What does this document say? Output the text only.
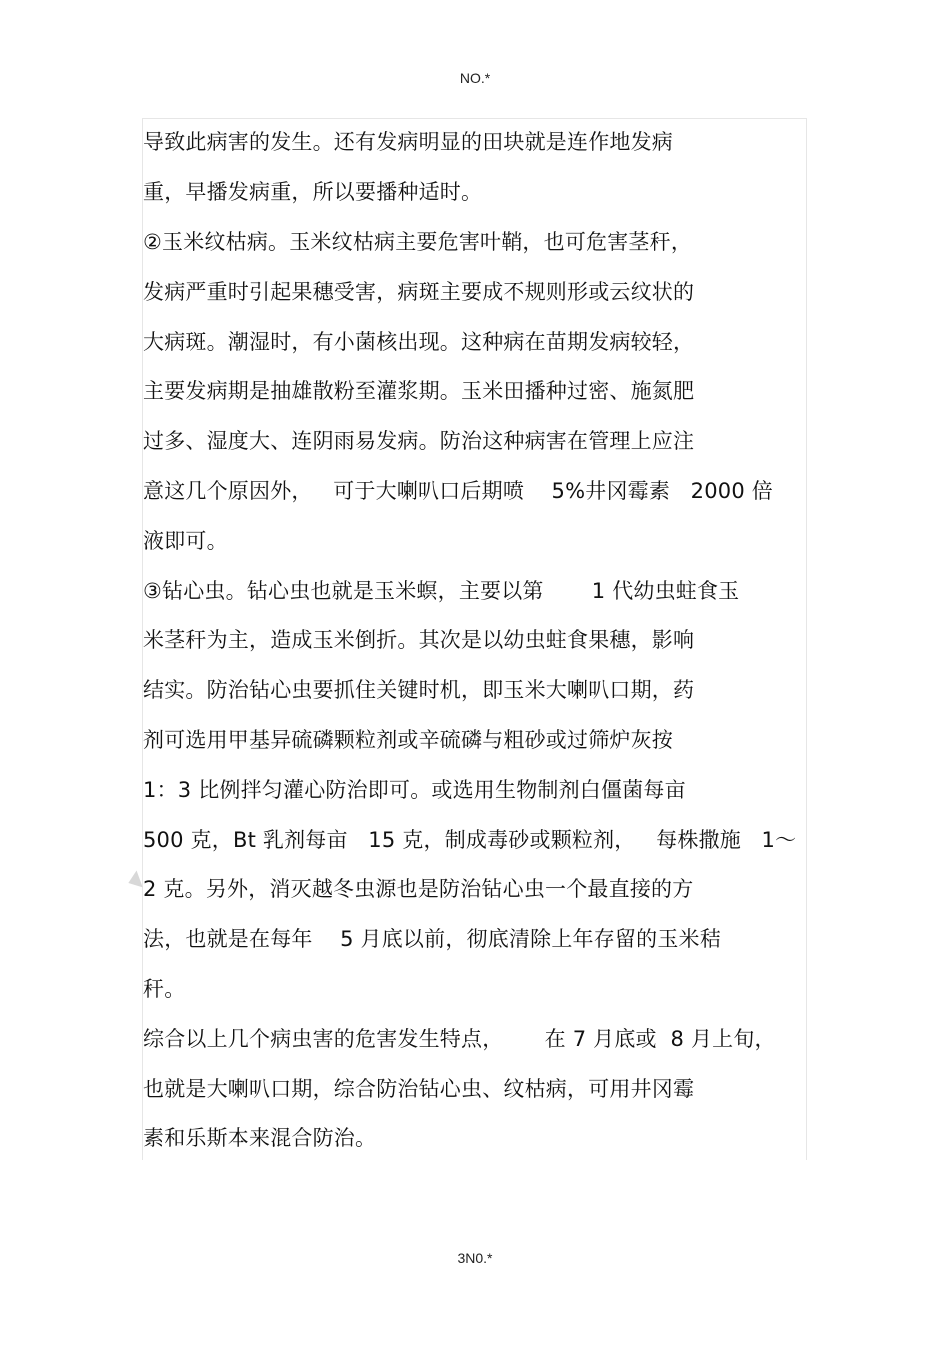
NO.*
导致此病害的发生。还有发病明显的田块就是连作地发病
重，早播发病重，所以要播种适时。
②玉米纹枯病。玉米纹枯病主要危害叶鞘，也可危害茎秆，
发病严重时引起果穗受害，病斑主要成不规则形或云纹状的
大病斑。潮湿时，有小菌核出现。这种病在苗期发病较轻，
主要发病期是抽雄散粉至灌浆期。玉米田播种过密、施氮肥
过多、湿度大、连阴雨易发病。防治这种病害在管理上应注
意这几个原因外，   可于大喇叭口后期喷    5%井冈霉素   2000 倍
液即可。
③钻心虫。钻心虫也就是玉米螟，主要以第       1 代幼虫蛀食玉
米茎秆为主，造成玉米倒折。其次是以幼虫蛀食果穗，影响
结实。防治钻心虫要抓住关键时机，即玉米大喇叭口期，药
剂可选用甲基异硫磷颗粒剂或辛硫磷与粗砂或过筛炉灰按
1：3 比例拌匀灌心防治即可。或选用生物制剂白僵菌每亩
500 克，Bt 乳剂每亩   15 克，制成毒砂或颗粒剂，   每株撒施   1～
2 克。另外，消灭越冬虫源也是防治钻心虫一个最直接的方
法，也就是在每年    5 月底以前，彻底清除上年存留的玉米秸
秆。
综合以上几个病虫害的危害发生特点，      在 7 月底或  8 月上旬，
也就是大喇叭口期，综合防治钻心虫、纹枯病，可用井冈霉
素和乐斯本来混合防治。
3N0.*
